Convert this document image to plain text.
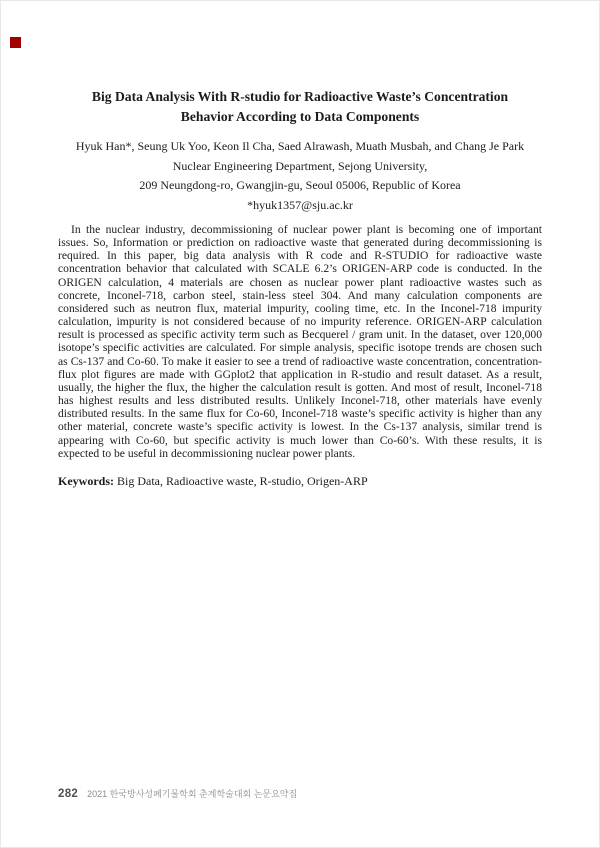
Big Data Analysis With R-studio for Radioactive Waste’s Concentration
Behavior According to Data Components
Hyuk Han*, Seung Uk Yoo, Keon Il Cha, Saed Alrawash, Muath Musbah, and Chang Je Park
Nuclear Engineering Department, Sejong University,
209 Neungdong-ro, Gwangjin-gu, Seoul 05006, Republic of Korea
*hyuk1357@sju.ac.kr

In the nuclear industry, decommissioning of nuclear power plant is becoming one of important issues. So, Information or prediction on radioactive waste that generated during decommissioning is required. In this paper, big data analysis with R code and R-STUDIO for radioactive waste concentration behavior that calculated with SCALE 6.2’s ORIGEN-ARP code is conducted. In the ORIGEN calculation, 4 materials are chosen as nuclear power plant radioactive wastes such as concrete, Inconel-718, carbon steel, stain-less steel 304. And many calculation components are considered such as neutron flux, material impurity, cooling time, etc. In the Inconel-718 impurity calculation, impurity is not considered because of no impurity reference. ORIGEN-ARP calculation result is processed as specific activity term such as Becquerel / gram unit. In the dataset, over 120,000 isotope’s specific activities are calculated. For simple analysis, specific isotope trends are chosen such as Cs-137 and Co-60. To make it easier to see a trend of radioactive waste concentration, concentration-flux plot figures are made with GGplot2 that application in R-studio and result dataset. As a result, usually, the higher the flux, the higher the calculation result is gotten. And most of result, Inconel-718 has highest results and less distributed results. Unlikely Inconel-718, other materials have evenly distributed results. In the same flux for Co-60, Inconel-718 waste’s specific activity is higher than any other material, concrete waste’s specific activity is lowest. In the Cs-137 analysis, similar trend is appearing with Co-60, but specific activity is much lower than Co-60’s. With these results, it is expected to be useful in decommissioning nuclear power plants.

Keywords: Big Data, Radioactive waste, R-studio, Origen-ARP
282 2021 한국방사성폐기물학회 춘계학술대회 논문요약집
